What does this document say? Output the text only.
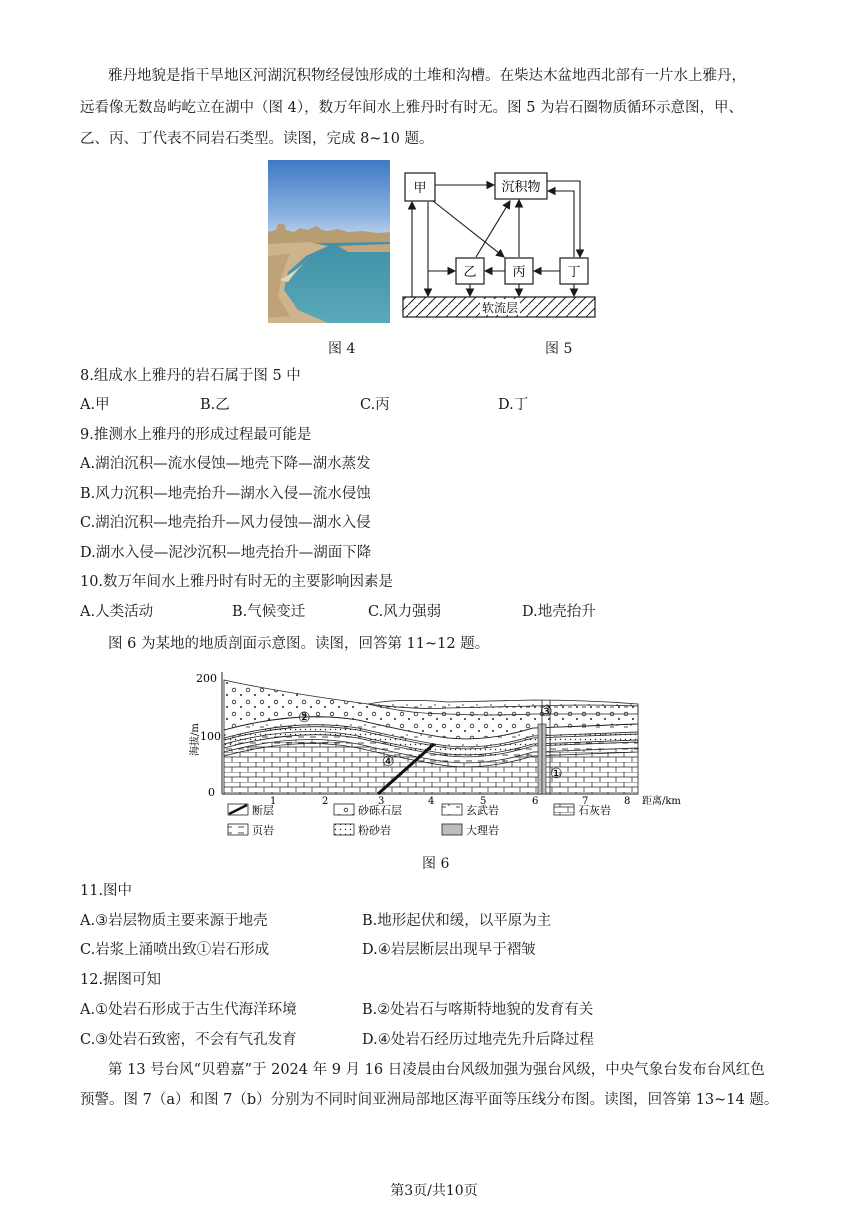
雅丹地貌是指干旱地区河湖沉积物经侵蚀形成的土堆和沟槽。在柴达木盆地西北部有一片水上雅丹，
远看像无数岛屿屹立在湖中（图 4），数万年间水上雅丹时有时无。图 5 为岩石圈物质循环示意图，甲、
乙、丙、丁代表不同岩石类型。读图，完成 8~10 题。
图 4
甲	沉积物
乙	丙	丁
软流层
图 5
8.组成水上雅丹的岩石属于图 5 中
A.甲	B.乙	C.丙	D.丁
9.推测水上雅丹的形成过程最可能是
A.湖泊沉积—流水侵蚀—地壳下降—湖水蒸发
B.风力沉积—地壳抬升—湖水入侵—流水侵蚀
C.湖泊沉积—地壳抬升—风力侵蚀—湖水入侵
D.湖水入侵—泥沙沉积—地壳抬升—湖面下降
10.数万年间水上雅丹时有时无的主要影响因素是
A.人类活动	B.气候变迁	C.风力强弱	D.地壳抬升
图 6 为某地的地质剖面示意图。读图，回答第 11~12 题。
200
100
0
海拔/m
②	③
④
①
1	2	3	4	5	6	7	8 距离/km
断层	砂砾石层	玄武岩	石灰岩
页岩	粉砂岩	大理岩
图 6
11.图中
A.③岩层物质主要来源于地壳	B.地形起伏和缓，以平原为主
C.岩浆上涌喷出致①岩石形成	D.④岩层断层出现早于褶皱
12.据图可知
A.①处岩石形成于古生代海洋环境	B.②处岩石与喀斯特地貌的发育有关
C.③处岩石致密，不会有气孔发育	D.④处岩石经历过地壳先升后降过程
第 13 号台风“贝碧嘉”于 2024 年 9 月 16 日凌晨由台风级加强为强台风级，中央气象台发布台风红色
预警。图 7（a）和图 7（b）分别为不同时间亚洲局部地区海平面等压线分布图。读图，回答第 13~14 题。
第3页/共10页
